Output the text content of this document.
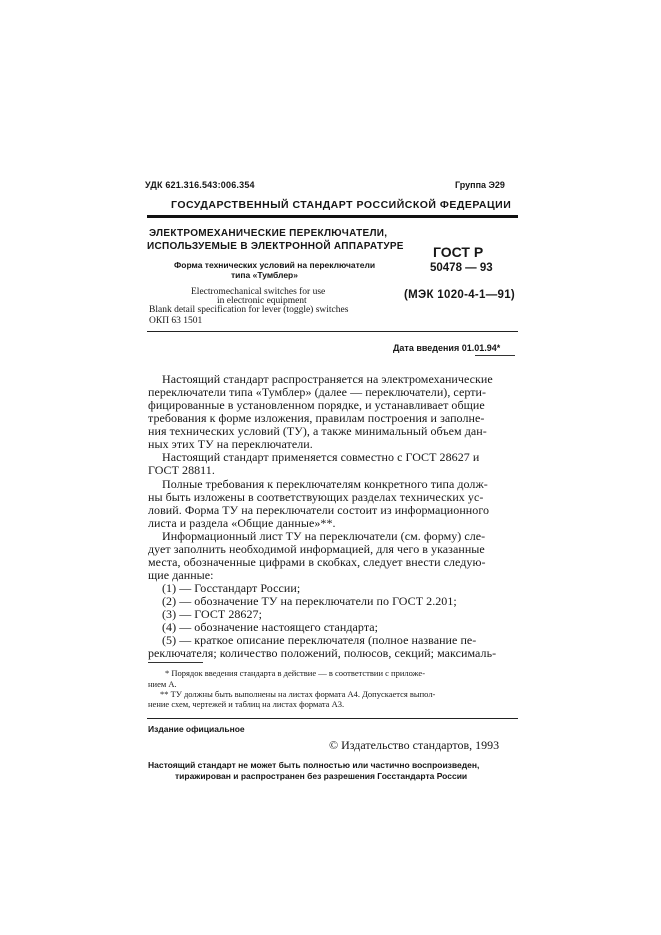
УДК 621.316.543:006.354	Группа Э29
ГОСУДАРСТВЕННЫЙ СТАНДАРТ РОССИЙСКОЙ ФЕДЕРАЦИИ
ЭЛЕКТРОМЕХАНИЧЕСКИЕ ПЕРЕКЛЮЧАТЕЛИ,
ИСПОЛЬЗУЕМЫЕ В ЭЛЕКТРОННОЙ АППАРАТУРЕ
Форма технических условий на переключатели
типа «Тумблер»
ГОСТ Р
50478 — 93
(МЭК 1020-4-1—91)
Electromechanical switches for use
in electronic equipment
Blank detail specification for lever (toggle) switches
ОКП 63 1501
Дата введения 01.01.94*
Настоящий стандарт распространяется на электромеханические
переключатели типа «Тумблер» (далее — переключатели), серти-
фицированные в установленном порядке, и устанавливает общие
требования к форме изложения, правилам построения и заполне-
ния технических условий (ТУ), а также минимальный объем дан-
ных этих ТУ на переключатели.
Настоящий стандарт применяется совместно с ГОСТ 28627 и
ГОСТ 28811.
Полные требования к переключателям конкретного типа долж-
ны быть изложены в соответствующих разделах технических ус-
ловий. Форма ТУ на переключатели состоит из информационного
листа и раздела «Общие данные»**.
Информационный лист ТУ на переключатели (см. форму) сле-
дует заполнить необходимой информацией, для чего в указанные
места, обозначенные цифрами в скобках, следует внести следую-
щие данные:
(1) — Госстандарт России;
(2) — обозначение ТУ на переключатели по ГОСТ 2.201;
(3) — ГОСТ 28627;
(4) — обозначение настоящего стандарта;
(5) — краткое описание переключателя (полное название пе-
реключателя; количество положений, полюсов, секций; максималь-
* Порядок введения стандарта в действие — в соответствии с приложе-
нием А.
** ТУ должны быть выполнены на листах формата А4. Допускается выпол-
нение схем, чертежей и таблиц на листах формата А3.
Издание официальное
© Издательство стандартов, 1993
Настоящий стандарт не может быть полностью или частично воспроизведен,
тиражирован и распространен без разрешения Госстандарта России
